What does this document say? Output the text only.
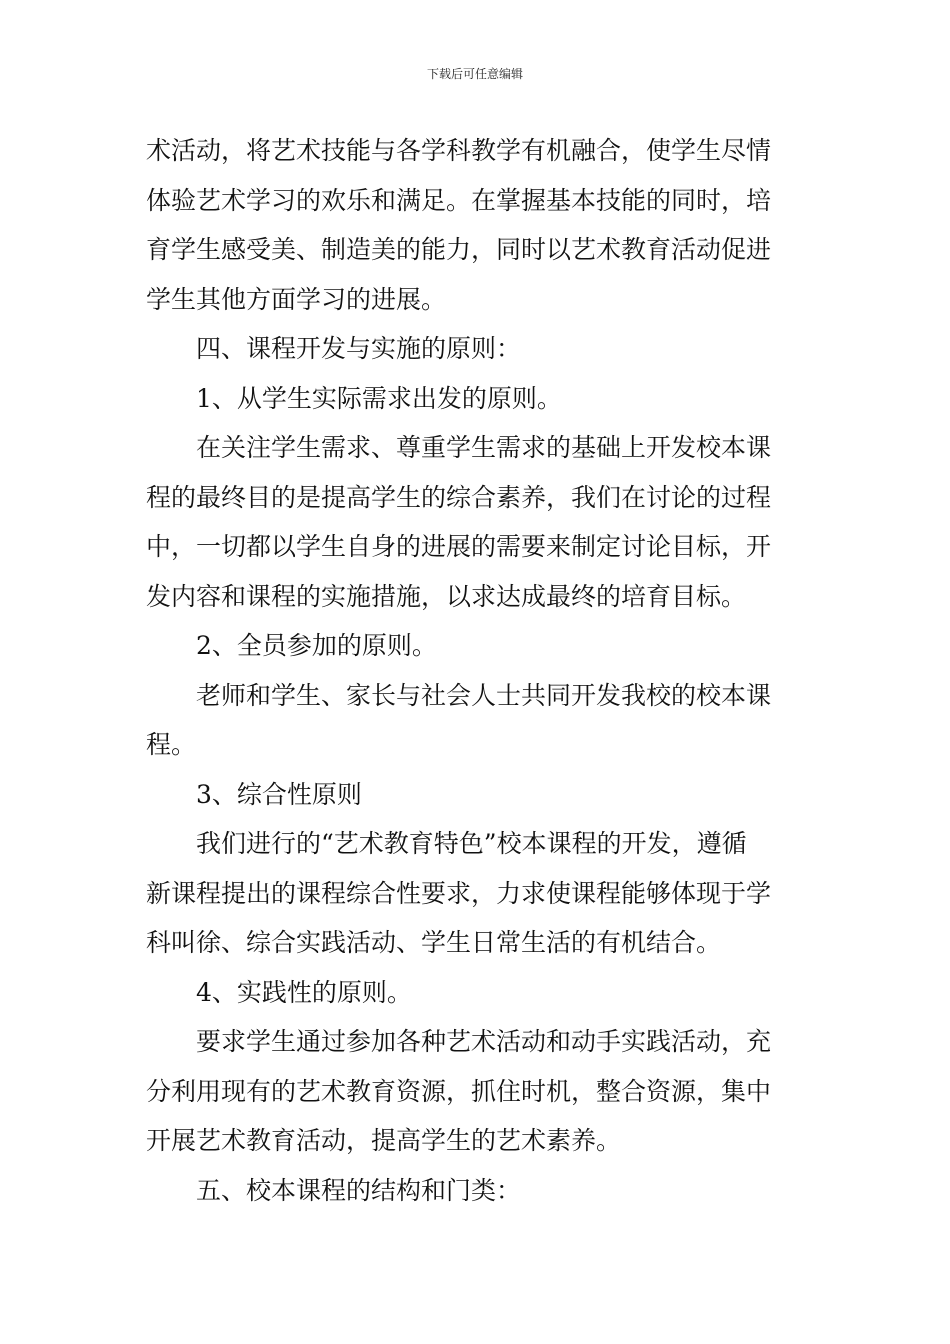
下载后可任意编辑
术活动，将艺术技能与各学科教学有机融合，使学生尽情
体验艺术学习的欢乐和满足。在掌握基本技能的同时，培
育学生感受美、制造美的能力，同时以艺术教育活动促进
学生其他方面学习的进展。
四、课程开发与实施的原则：
1、从学生实际需求出发的原则。
在关注学生需求、尊重学生需求的基础上开发校本课
程的最终目的是提高学生的综合素养，我们在讨论的过程
中，一切都以学生自身的进展的需要来制定讨论目标，开
发内容和课程的实施措施，以求达成最终的培育目标。
2、全员参加的原则。
老师和学生、家长与社会人士共同开发我校的校本课
程。
3、综合性原则
我们进行的“艺术教育特色”校本课程的开发，遵循
新课程提出的课程综合性要求，力求使课程能够体现于学
科叫徐、综合实践活动、学生日常生活的有机结合。
4、实践性的原则。
要求学生通过参加各种艺术活动和动手实践活动，充
分利用现有的艺术教育资源，抓住时机，整合资源，集中
开展艺术教育活动，提高学生的艺术素养。
五、校本课程的结构和门类：
